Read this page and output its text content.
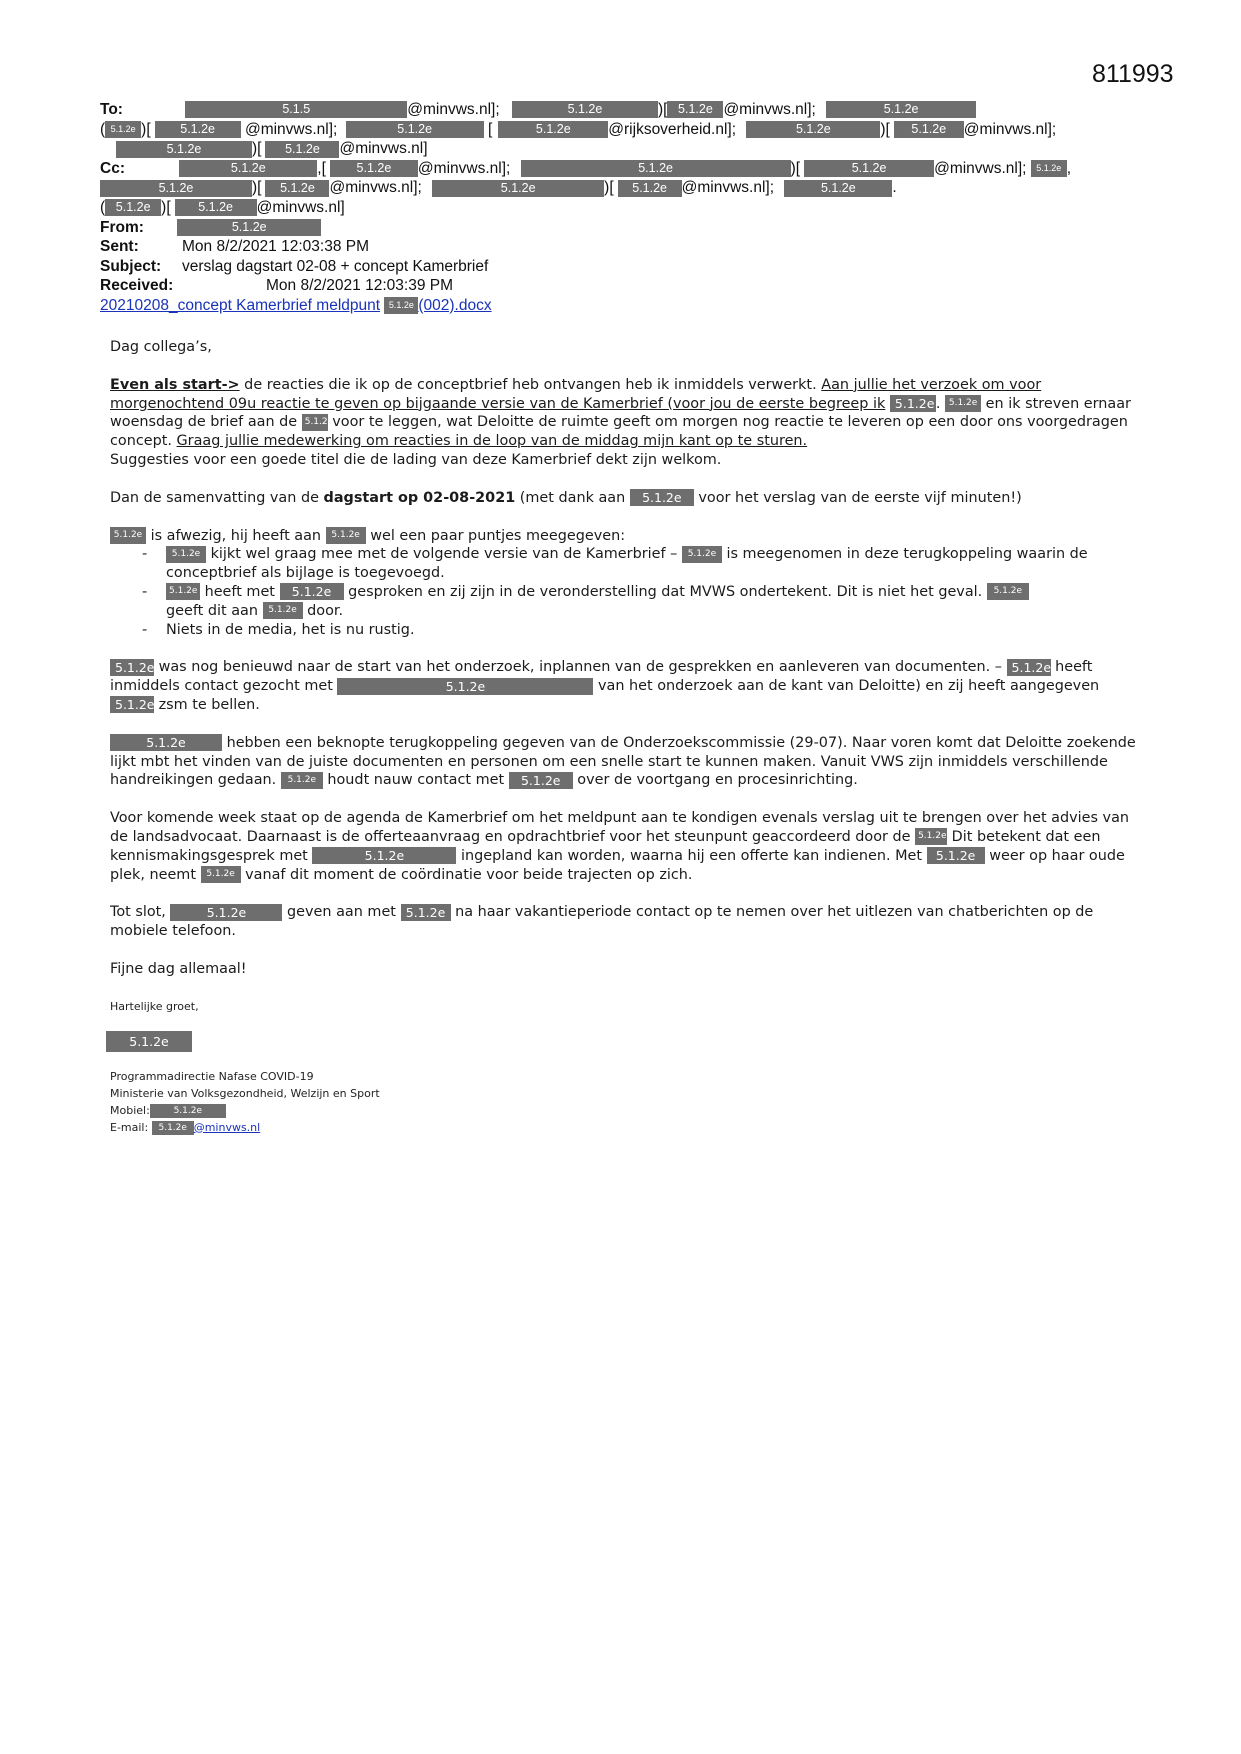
811993
To:	5.1.5	@minvws.nl];	5.1.2e	)[ 5.1.2e @minvws.nl];	5.1.2e
( 5.1.2e )[ 5.1.2e @minvws.nl];	5.1.2e	[	5.1.2e @rijksoverheid.nl];	5.1.2e	)[ 5.1.2e @minvws.nl];
5.1.2e	)[ 5.1.2e @minvws.nl]
Cc:	5.1.2e	,[ 5.1.2e @minvws.nl];	5.1.2e	)[	5.1.2e	@minvws.nl]; 5.1.2e ,
5.1.2e	)[ 5.1.2e @minvws.nl];	5.1.2e	)[ 5.1.2e @minvws.nl];	5.1.2e .
( 5.1.2e )[ 5.1.2e @minvws.nl]
From:	5.1.2e
Sent:	Mon 8/2/2021 12:03:38 PM
Subject: verslag dagstart 02-08 + concept Kamerbrief
Received:	Mon 8/2/2021 12:03:39 PM
20210208_concept Kamerbrief meldpunt 5.1.2e (002).docx

Dag collega’s,

Even als start-> de reacties die ik op de conceptbrief heb ontvangen heb ik inmiddels verwerkt. Aan jullie het verzoek om voor morgenochtend 09u reactie te geven op bijgaande versie van de Kamerbrief (voor jou de eerste begreep ik 5.1.2e . 5.1.2e en ik streven ernaar woensdag de brief aan de 5.1.2e voor te leggen, wat Deloitte de ruimte geeft om morgen nog reactie te leveren op een door ons voorgedragen concept. Graag jullie medewerking om reacties in de loop van de middag mijn kant op te sturen.
Suggesties voor een goede titel die de lading van deze Kamerbrief dekt zijn welkom.

Dan de samenvatting van de dagstart op 02-08-2021 (met dank aan 5.1.2e voor het verslag van de eerste vijf minuten!)

5.1.2e is afwezig, hij heeft aan 5.1.2e wel een paar puntjes meegegeven:
- 5.1.2e kijkt wel graag mee met de volgende versie van de Kamerbrief – 5.1.2e is meegenomen in deze terugkoppeling waarin de conceptbrief als bijlage is toegevoegd.
- 5.1.2e heeft met 5.1.2e gesproken en zij zijn in de veronderstelling dat MVWS ondertekent. Dit is niet het geval. 5.1.2e
geeft dit aan 5.1.2e door.
- Niets in de media, het is nu rustig.

5.1.2e was nog benieuwd naar de start van het onderzoek, inplannen van de gesprekken en aanleveren van documenten. – 5.1.2e heeft inmiddels contact gezocht met	5.1.2e	van het onderzoek aan de kant van Deloitte) en zij heeft aangegeven 5.1.2e zsm te bellen.

5.1.2e	hebben een beknopte terugkoppeling gegeven van de Onderzoekscommissie (29-07). Naar voren komt dat Deloitte zoekende lijkt mbt het vinden van de juiste documenten en personen om een snelle start te kunnen maken. Vanuit VWS zijn inmiddels verschillende handreikingen gedaan. 5.1.2e houdt nauw contact met 5.1.2e over de voortgang en procesinrichting.

Voor komende week staat op de agenda de Kamerbrief om het meldpunt aan te kondigen evenals verslag uit te brengen over het advies van de landsadvocaat. Daarnaast is de offerteaanvraag en opdrachtbrief voor het steunpunt geaccordeerd door de 5.1.2e Dit betekent dat een kennismakingsgesprek met	5.1.2e	ingepland kan worden, waarna hij een offerte kan indienen. Met 5.1.2e weer op haar oude plek, neemt 5.1.2e vanaf dit moment de coördinatie voor beide trajecten op zich.

Tot slot,	5.1.2e	geven aan met 5.1.2e na haar vakantieperiode contact op te nemen over het uitlezen van chatberichten op de mobiele telefoon.

Fijne dag allemaal!

Hartelijke groet,
5.1.2e
Programmadirectie Nafase COVID-19
Ministerie van Volksgezondheid, Welzijn en Sport
Mobiel:	5.1.2e
E-mail: 5.1.2e @minvws.nl
